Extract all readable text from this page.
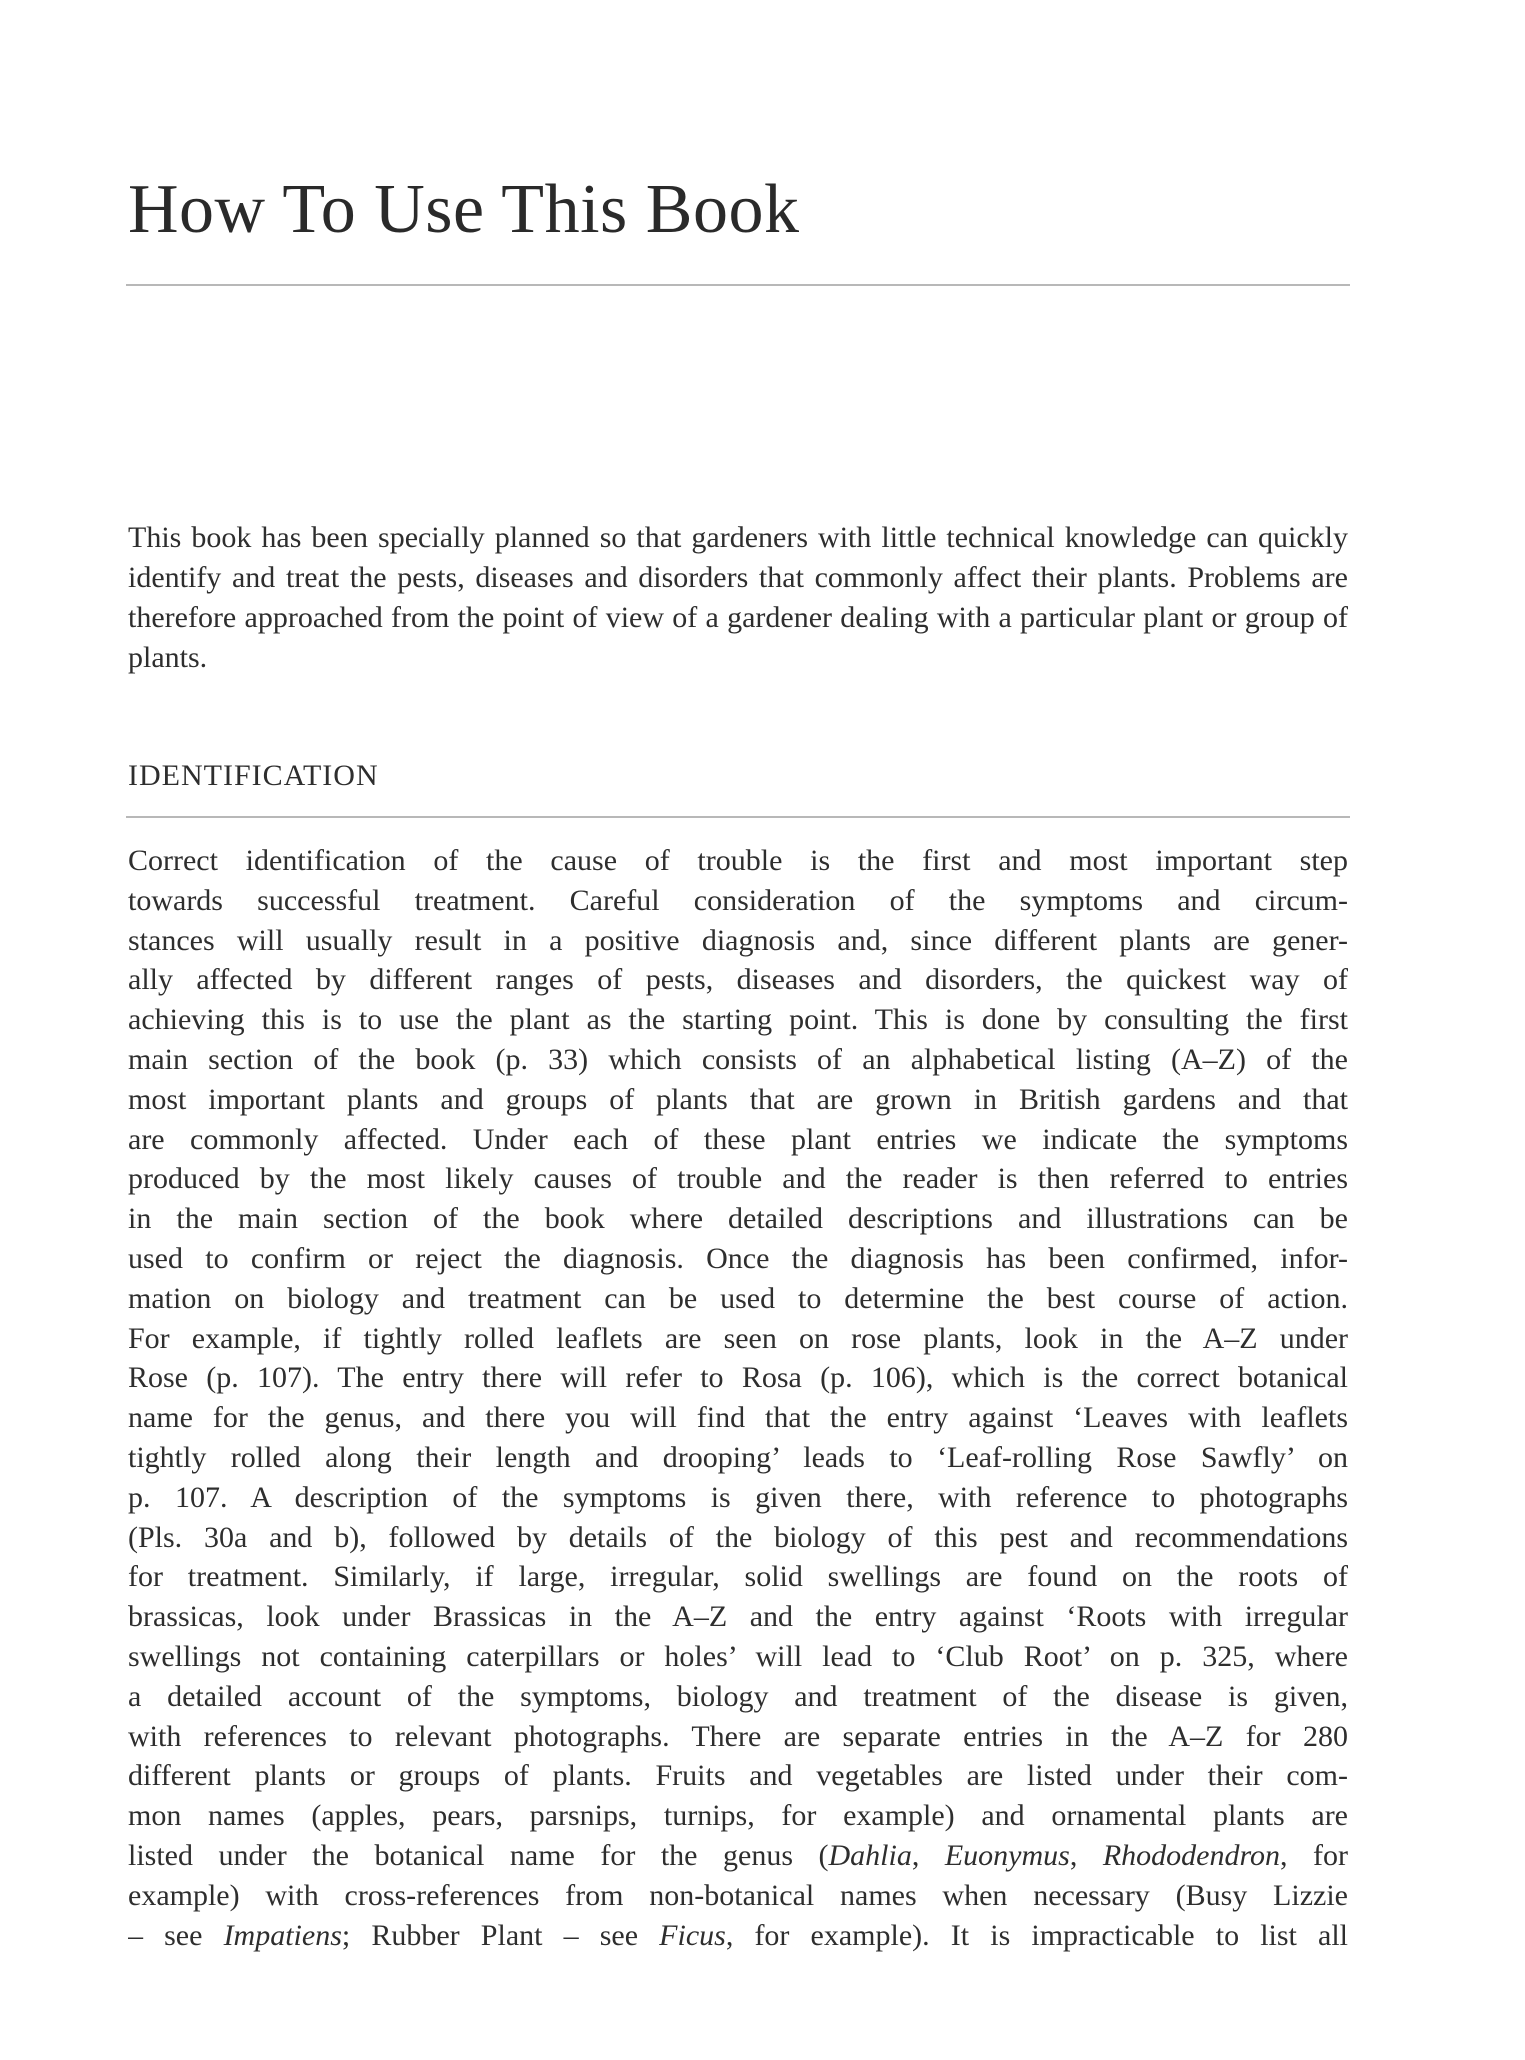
How To Use This Book

This book has been specially planned so that gardeners with little technical knowledge can quickly identify and treat the pests, diseases and disorders that commonly affect their plants. Problems are therefore approached from the point of view of a gardener dealing with a particular plant or group of plants.

IDENTIFICATION
Correct identification of the cause of trouble is the first and most important step
towards successful treatment. Careful consideration of the symptoms and circum-
stances will usually result in a positive diagnosis and, since different plants are gener-
ally affected by different ranges of pests, diseases and disorders, the quickest way of
achieving this is to use the plant as the starting point. This is done by consulting the first
main section of the book (p. 33) which consists of an alphabetical listing (A–Z) of the
most important plants and groups of plants that are grown in British gardens and that
are commonly affected. Under each of these plant entries we indicate the symptoms
produced by the most likely causes of trouble and the reader is then referred to entries
in the main section of the book where detailed descriptions and illustrations can be
used to confirm or reject the diagnosis. Once the diagnosis has been confirmed, infor-
mation on biology and treatment can be used to determine the best course of action.
For example, if tightly rolled leaflets are seen on rose plants, look in the A–Z under
Rose (p. 107). The entry there will refer to Rosa (p. 106), which is the correct botanical
name for the genus, and there you will find that the entry against ‘Leaves with leaflets
tightly rolled along their length and drooping’ leads to ‘Leaf-rolling Rose Sawfly’ on
p. 107. A description of the symptoms is given there, with reference to photographs
(Pls. 30a and b), followed by details of the biology of this pest and recommendations
for treatment. Similarly, if large, irregular, solid swellings are found on the roots of
brassicas, look under Brassicas in the A–Z and the entry against ‘Roots with irregular
swellings not containing caterpillars or holes’ will lead to ‘Club Root’ on p. 325, where
a detailed account of the symptoms, biology and treatment of the disease is given,
with references to relevant photographs. There are separate entries in the A–Z for 280
different plants or groups of plants. Fruits and vegetables are listed under their com-
mon names (apples, pears, parsnips, turnips, for example) and ornamental plants are
listed under the botanical name for the genus (Dahlia, Euonymus, Rhododendron, for
example) with cross-references from non-botanical names when necessary (Busy Lizzie
– see Impatiens; Rubber Plant – see Ficus, for example). It is impracticable to list all
